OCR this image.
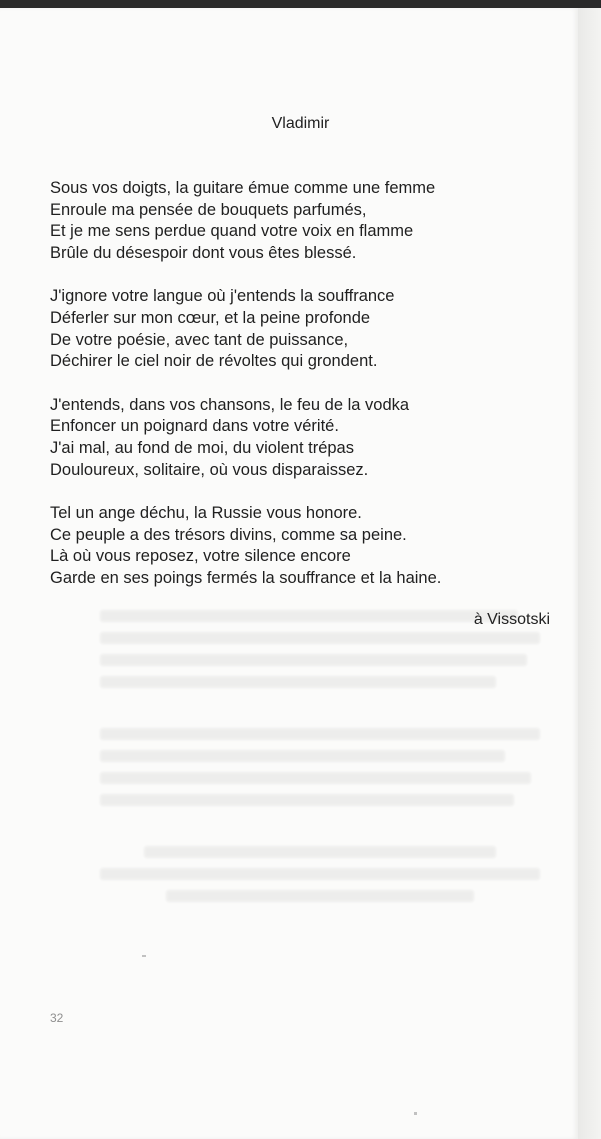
Vladimir
Sous vos doigts, la guitare émue comme une femme
Enroule ma pensée de bouquets parfumés,
Et je me sens perdue quand votre voix en flamme
Brûle du désespoir dont vous êtes blessé.
J'ignore votre langue où j'entends la souffrance
Déferler sur mon cœur, et la peine profonde
De votre poésie, avec tant de puissance,
Déchirer le ciel noir de révoltes qui grondent.
J'entends, dans vos chansons, le feu de la vodka
Enfoncer un poignard dans votre vérité.
J'ai mal, au fond de moi, du violent trépas
Douloureux, solitaire, où vous disparaissez.
Tel un ange déchu, la Russie vous honore.
Ce peuple a des trésors divins, comme sa peine.
Là où vous reposez, votre silence encore
Garde en ses poings fermés la souffrance et la haine.
à Vissotski
32
